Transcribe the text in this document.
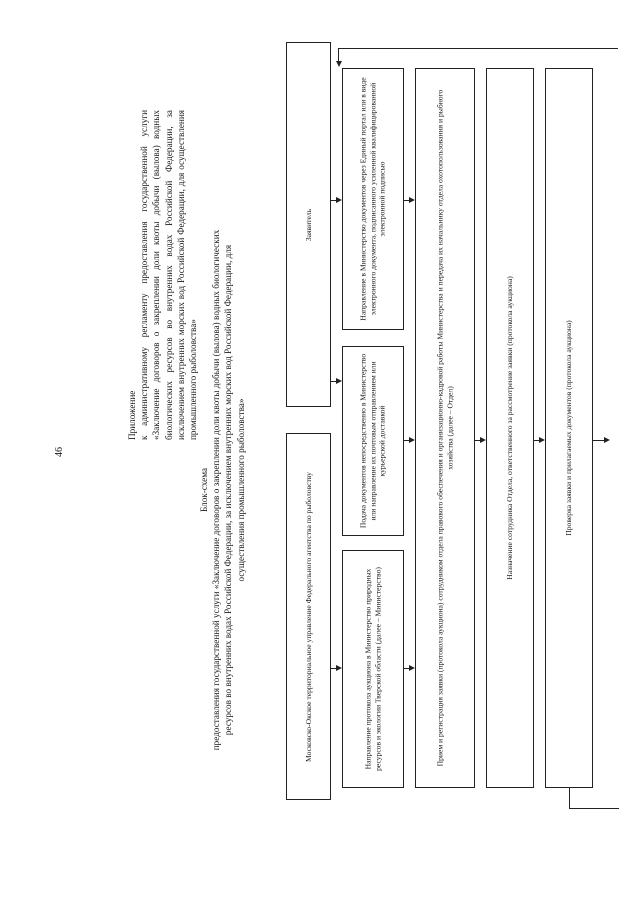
46
Приложение к административному регламенту предоставления государственной услуги «Заключение договоров о закреплении доли квоты добычи (вылова) водных биологических ресурсов во внутренних водах Российской Федерации, за исключением внутренних морских вод Российской Федерации, для осуществления промышленного рыболовства»
Блок-схема предоставления государственной услуги «Заключение договоров о закреплении доли квоты добычи (вылова) водных биологических ресурсов во внутренних водах Российской Федерации, за исключением внутренних морских вод Российской Федерации, для осуществления промышленного рыболовства»	Московско-Окское территориальное управление Федерального агентства по рыболовству
Заявитель
Направление протокола аукциона в Министерство природных ресурсов и экологии Тверской области (далее – Министерство)
Подача документов непосредственно в Министерство или направление их почтовым отправлением или курьерской доставкой
Направление в Министерство документов через Единый портал или в виде электронного документа, подписанного усиленной квалифицированной электронной подписью	Прием и регистрация заявки (протокола аукциона) сотрудником отдела правового обеспечения и организационно-кадровой работы Министерства и передача их начальнику отдела охотопользования и рыбного хозяйства (далее – Отдел)	Назначение сотрудника Отдела, ответственного за рассмотрение заявки (протокола аукциона)	Проверка заявки и прилагаемых документов (протокола аукциона)
